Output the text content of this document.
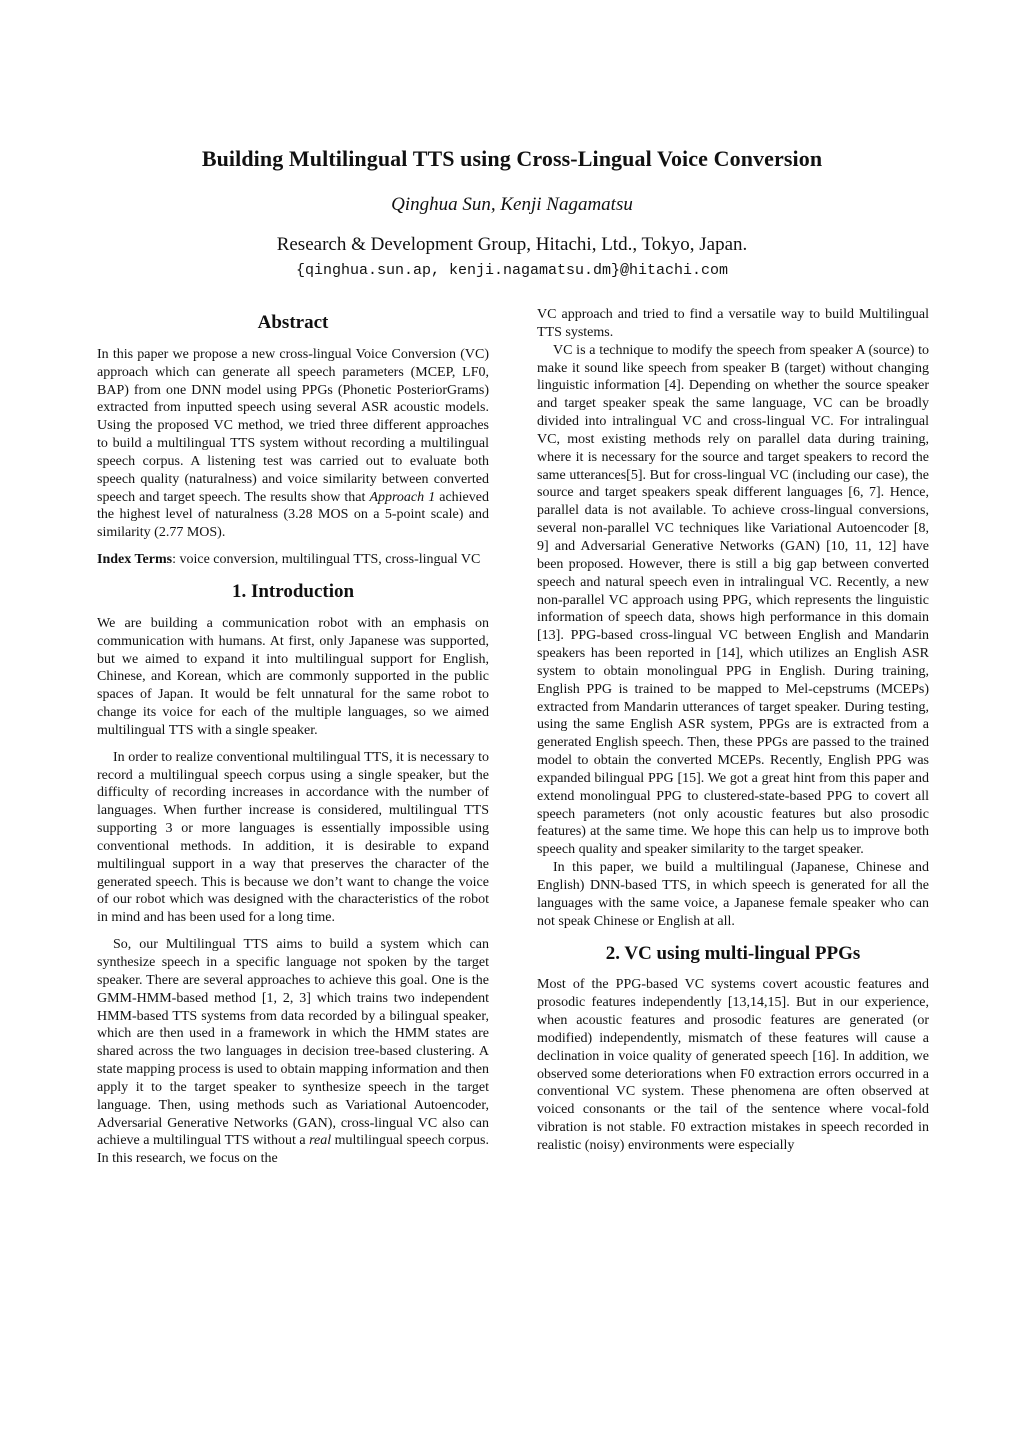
Building Multilingual TTS using Cross-Lingual Voice Conversion
Qinghua Sun, Kenji Nagamatsu
Research & Development Group, Hitachi, Ltd., Tokyo, Japan.
{qinghua.sun.ap, kenji.nagamatsu.dm}@hitachi.com
Abstract

In this paper we propose a new cross-lingual Voice Conversion (VC) approach which can generate all speech parameters (MCEP, LF0, BAP) from one DNN model using PPGs (Phonetic PosteriorGrams) extracted from inputted speech using several ASR acoustic models. Using the proposed VC method, we tried three different approaches to build a multilingual TTS system without recording a multilingual speech corpus. A listening test was carried out to evaluate both speech quality (naturalness) and voice similarity between converted speech and target speech. The results show that Approach 1 achieved the highest level of naturalness (3.28 MOS on a 5-point scale) and similarity (2.77 MOS).

Index Terms: voice conversion, multilingual TTS, cross-lingual VC

1. Introduction

We are building a communication robot with an emphasis on communication with humans. At first, only Japanese was supported, but we aimed to expand it into multilingual support for English, Chinese, and Korean, which are commonly supported in the public spaces of Japan. It would be felt unnatural for the same robot to change its voice for each of the multiple languages, so we aimed multilingual TTS with a single speaker.

In order to realize conventional multilingual TTS, it is necessary to record a multilingual speech corpus using a single speaker, but the difficulty of recording increases in accordance with the number of languages. When further increase is considered, multilingual TTS supporting 3 or more languages is essentially impossible using conventional methods. In addition, it is desirable to expand multilingual support in a way that preserves the character of the generated speech. This is because we don’t want to change the voice of our robot which was designed with the characteristics of the robot in mind and has been used for a long time.

So, our Multilingual TTS aims to build a system which can synthesize speech in a specific language not spoken by the target speaker. There are several approaches to achieve this goal. One is the GMM-HMM-based method [1, 2, 3] which trains two independent HMM-based TTS systems from data recorded by a bilingual speaker, which are then used in a framework in which the HMM states are shared across the two languages in decision tree-based clustering. A state mapping process is used to obtain mapping information and then apply it to the target speaker to synthesize speech in the target language. Then, using methods such as Variational Autoencoder, Adversarial Generative Networks (GAN), cross-lingual VC also can achieve a multilingual TTS without a real multilingual speech corpus. In this research, we focus on the

VC approach and tried to find a versatile way to build Multilingual TTS systems.

VC is a technique to modify the speech from speaker A (source) to make it sound like speech from speaker B (target) without changing linguistic information [4]. Depending on whether the source speaker and target speaker speak the same language, VC can be broadly divided into intralingual VC and cross-lingual VC. For intralingual VC, most existing methods rely on parallel data during training, where it is necessary for the source and target speakers to record the same utterances[5]. But for cross-lingual VC (including our case), the source and target speakers speak different languages [6, 7]. Hence, parallel data is not available. To achieve cross-lingual conversions, several non-parallel VC techniques like Variational Autoencoder [8, 9] and Adversarial Generative Networks (GAN) [10, 11, 12] have been proposed. However, there is still a big gap between converted speech and natural speech even in intralingual VC. Recently, a new non-parallel VC approach using PPG, which represents the linguistic information of speech data, shows high performance in this domain [13]. PPG-based cross-lingual VC between English and Mandarin speakers has been reported in [14], which utilizes an English ASR system to obtain monolingual PPG in English. During training, English PPG is trained to be mapped to Mel-cepstrums (MCEPs) extracted from Mandarin utterances of target speaker. During testing, using the same English ASR system, PPGs are is extracted from a generated English speech. Then, these PPGs are passed to the trained model to obtain the converted MCEPs. Recently, English PPG was expanded bilingual PPG [15]. We got a great hint from this paper and extend monolingual PPG to clustered-state-based PPG to covert all speech parameters (not only acoustic features but also prosodic features) at the same time. We hope this can help us to improve both speech quality and speaker similarity to the target speaker.

In this paper, we build a multilingual (Japanese, Chinese and English) DNN-based TTS, in which speech is generated for all the languages with the same voice, a Japanese female speaker who can not speak Chinese or English at all.

2. VC using multi-lingual PPGs

Most of the PPG-based VC systems covert acoustic features and prosodic features independently [13,14,15]. But in our experience, when acoustic features and prosodic features are generated (or modified) independently, mismatch of these features will cause a declination in voice quality of generated speech [16]. In addition, we observed some deteriorations when F0 extraction errors occurred in a conventional VC system. These phenomena are often observed at voiced consonants or the tail of the sentence where vocal-fold vibration is not stable. F0 extraction mistakes in speech recorded in realistic (noisy) environments were especially
